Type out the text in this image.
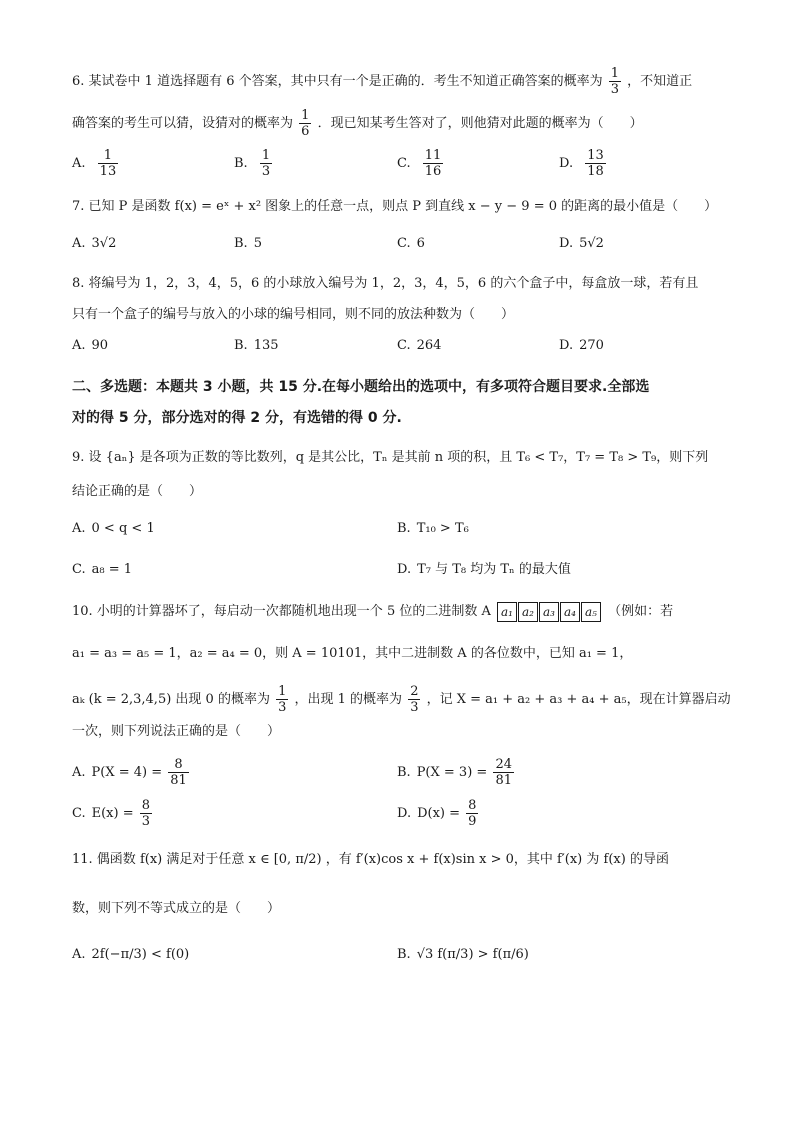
6. 某试卷中 1 道选择题有 6 个答案，其中只有一个是正确的．考生不知道正确答案的概率为 $\frac{1}{3}$ ，不知道正
确答案的考生可以猜，设猜对的概率为 $\frac{1}{6}$ ．现已知某考生答对了，则他猜对此题的概率为（　　）
A. $\frac{1}{13}$	B. $\frac{1}{3}$	C. $\frac{11}{16}$	D. $\frac{13}{18}$
7. 已知 P 是函数 f(x) = eˣ + x² 图象上的任意一点，则点 P 到直线 x − y − 9 = 0 的距离的最小值是（　　）
A. 3√2	B. 5	C. 6	D. 5√2
8. 将编号为 1，2，3，4，5，6 的小球放入编号为 1，2，3，4，5，6 的六个盒子中，每盒放一球，若有且
只有一个盒子的编号与放入的小球的编号相同，则不同的放法种数为（　　）
A. 90	B. 135	C. 264	D. 270
二、多选题：本题共 3 小题，共 15 分.在每小题给出的选项中，有多项符合题目要求.全部选
对的得 5 分，部分选对的得 2 分，有选错的得 0 分.
9. 设 {aₙ} 是各项为正数的等比数列，q 是其公比，Tₙ 是其前 n 项的积，且 T₆ < T₇，T₇ = T₈ > T₉，则下列
结论正确的是（　　）
A. 0 < q < 1	B. T₁₀ > T₆
C. a₈ = 1	D. T₇ 与 T₈ 均为 Tₙ 的最大值
10. 小明的计算器坏了，每启动一次都随机地出现一个 5 位的二进制数 A a₁ a₂ a₃ a₄ a₅ （例如：若
a₁ = a₃ = a₅ = 1，a₂ = a₄ = 0，则 A = 10101，其中二进制数 A 的各位数中，已知 a₁ = 1，
aₖ (k = 2,3,4,5) 出现 0 的概率为 $\frac{1}{3}$ ，出现 1 的概率为 $\frac{2}{3}$ ，记 X = a₁ + a₂ + a₃ + a₄ + a₅，现在计算器启动
一次，则下列说法正确的是（　　）
A. $P(X = 4) = \frac{8}{81}$	B. $P(X = 3) = \frac{24}{81}$
C. $E(x) = \frac{8}{3}$	D. $D(x) = \frac{8}{9}$
11. 偶函数 f(x) 满足对于任意 x ∈ [0, π/2) ，有 f′(x)cos x + f(x)sin x > 0，其中 f′(x) 为 f(x) 的导函
数，则下列不等式成立的是（　　）
A. 2f(−π/3) < f(0)	B. √3 f(π/3) > f(π/6)
